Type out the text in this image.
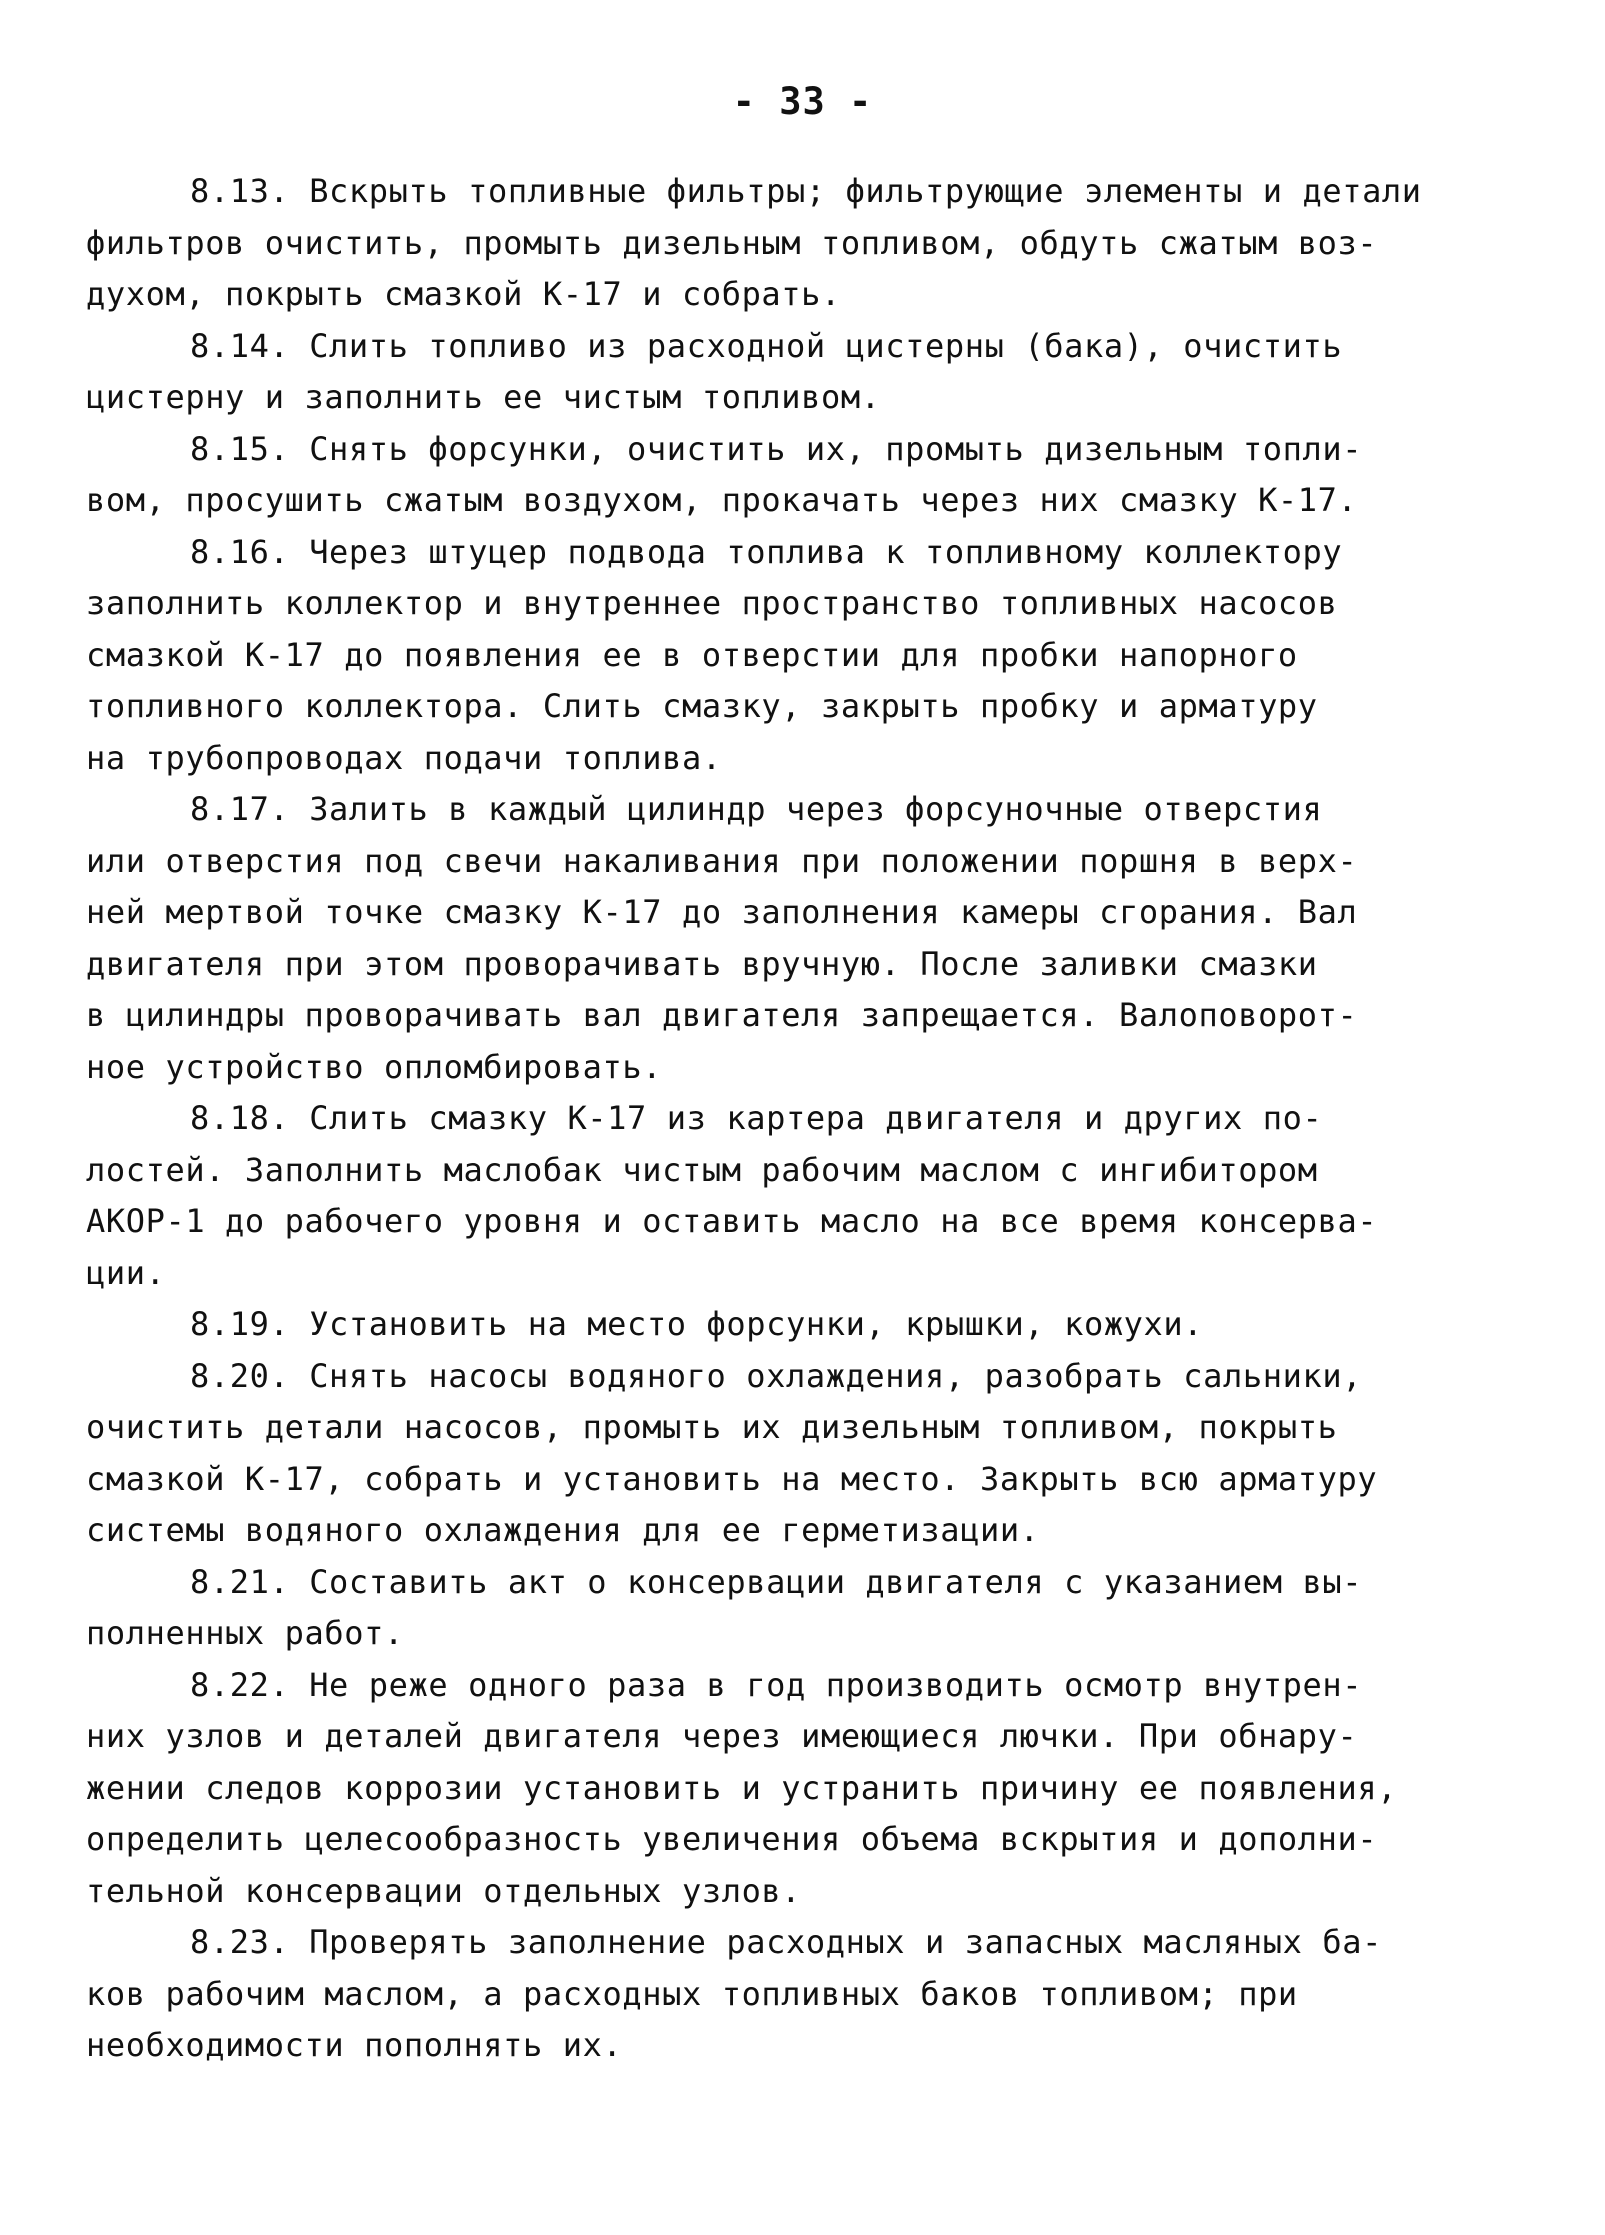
- 33 -
8.13. Вскрыть топливные фильтры; фильтрующие элементы и детали
фильтров очистить, промыть дизельным топливом, обдуть сжатым воз-
духом, покрыть смазкой К-17 и собрать.
8.14. Слить топливо из расходной цистерны (бака), очистить
цистерну и заполнить ее чистым топливом.
8.15. Снять форсунки, очистить их, промыть дизельным топли-
вом, просушить сжатым воздухом, прокачать через них смазку К-17.
8.16. Через штуцер подвода топлива к топливному коллектору
заполнить коллектор и внутреннее пространство топливных насосов
смазкой К-17 до появления ее в отверстии для пробки напорного
топливного коллектора. Слить смазку, закрыть пробку и арматуру
на трубопроводах подачи топлива.
8.17. Залить в каждый цилиндр через форсуночные отверстия
или отверстия под свечи накаливания при положении поршня в верх-
ней мертвой точке смазку К-17 до заполнения камеры сгорания. Вал
двигателя при этом проворачивать вручную. После заливки смазки
в цилиндры проворачивать вал двигателя запрещается. Валоповорот-
ное устройство опломбировать.
8.18. Слить смазку К-17 из картера двигателя и других по-
лостей. Заполнить маслобак чистым рабочим маслом с ингибитором
АКОР-1 до рабочего уровня и оставить масло на все время консерва-
ции.
8.19. Установить на место форсунки, крышки, кожухи.
8.20. Снять насосы водяного охлаждения, разобрать сальники,
очистить детали насосов, промыть их дизельным топливом, покрыть
смазкой К-17, собрать и установить на место. Закрыть всю арматуру
системы водяного охлаждения для ее герметизации.
8.21. Составить акт о консервации двигателя с указанием вы-
полненных работ.
8.22. Не реже одного раза в год производить осмотр внутрен-
них узлов и деталей двигателя через имеющиеся лючки. При обнару-
жении следов коррозии установить и устранить причину ее появления,
определить целесообразность увеличения объема вскрытия и дополни-
тельной консервации отдельных узлов.
8.23. Проверять заполнение расходных и запасных масляных ба-
ков рабочим маслом, а расходных топливных баков топливом; при
необходимости пополнять их.
